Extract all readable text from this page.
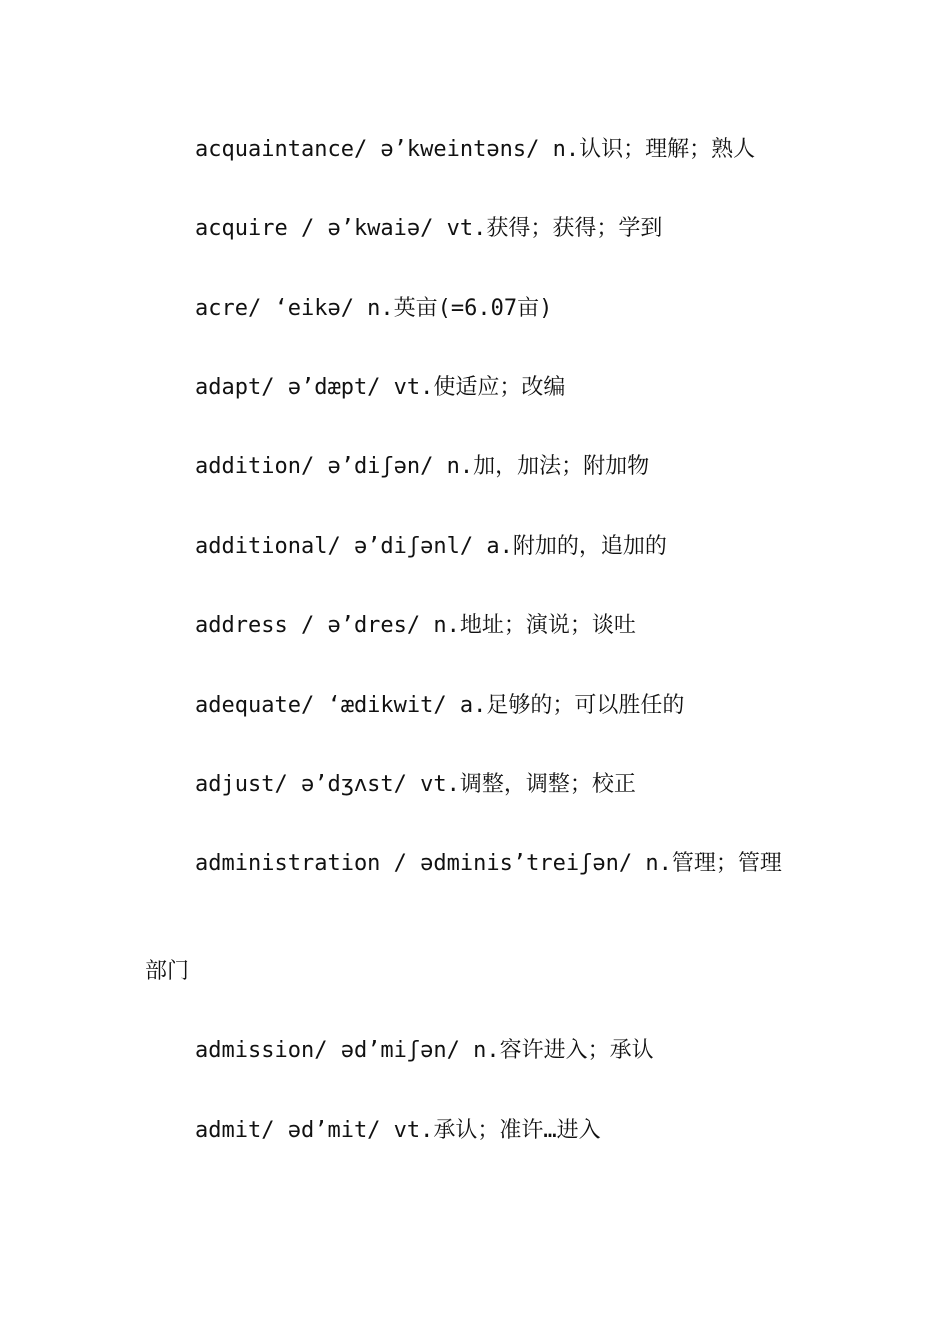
acquaintance/ ə’kweintəns/ n.认识；理解；熟人
acquire / ə’kwaiə/ vt.获得；获得；学到
acre/ ‘eikə/ n.英亩(=6.07亩)
adapt/ ə’dæpt/ vt.使适应；改编
addition/ ə’diʃən/ n.加，加法；附加物
additional/ ə’diʃənl/ a.附加的，追加的
address / ə’dres/ n.地址；演说；谈吐
adequate/ ‘ædikwit/ a.足够的；可以胜任的
adjust/ ə’dʒʌst/ vt.调整，调整；校正
administration / ədminis’treiʃən/ n.管理；管理
部门
admission/ əd’miʃən/ n.容许进入；承认
admit/ əd’mit/ vt.承认；准许…进入
